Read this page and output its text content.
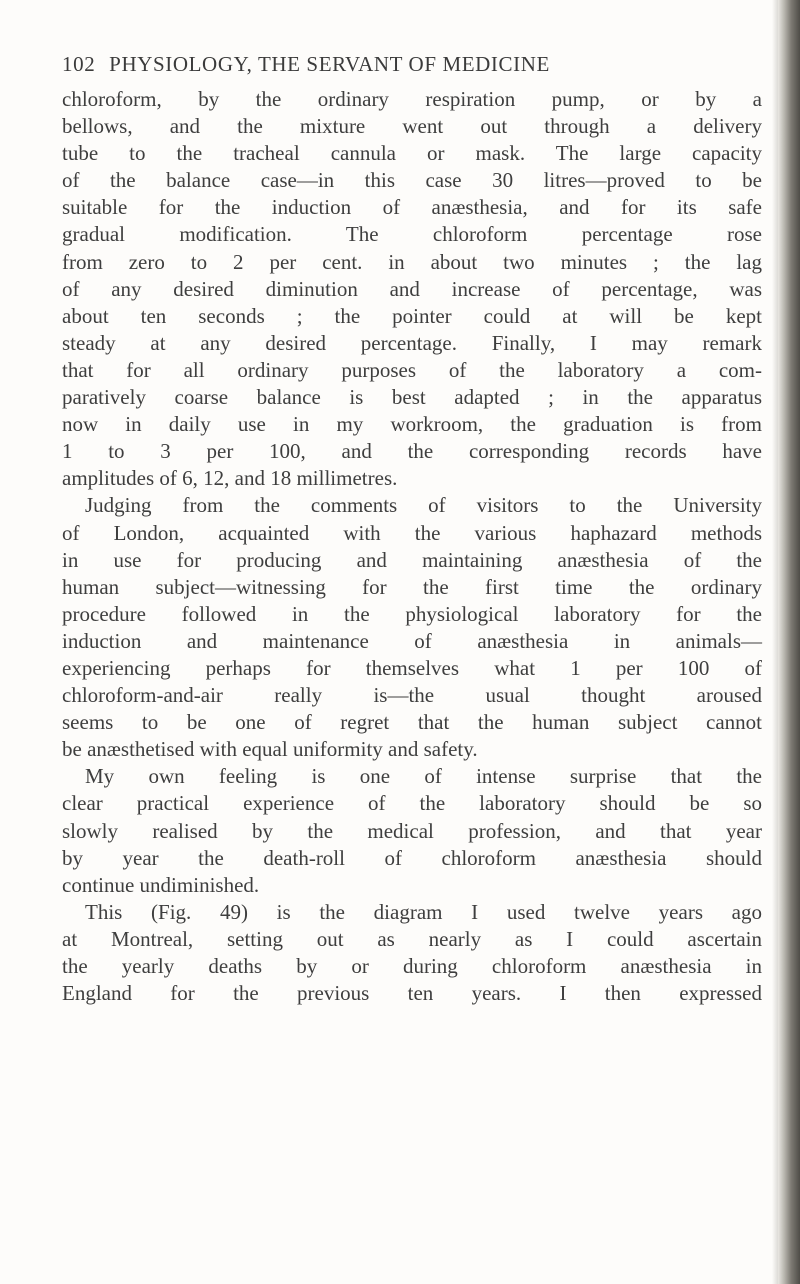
102 PHYSIOLOGY, THE SERVANT OF MEDICINE
chloroform, by the ordinary respiration pump, or by a
bellows, and the mixture went out through a delivery
tube to the tracheal cannula or mask. The large capacity
of the balance case—in this case 30 litres—proved to be
suitable for the induction of anæsthesia, and for its safe
gradual modification. The chloroform percentage rose
from zero to 2 per cent. in about two minutes ; the lag
of any desired diminution and increase of percentage, was
about ten seconds ; the pointer could at will be kept
steady at any desired percentage. Finally, I may remark
that for all ordinary purposes of the laboratory a com-
paratively coarse balance is best adapted ; in the apparatus
now in daily use in my workroom, the graduation is from
1 to 3 per 100, and the corresponding records have
amplitudes of 6, 12, and 18 millimetres.
Judging from the comments of visitors to the University
of London, acquainted with the various haphazard methods
in use for producing and maintaining anæsthesia of the
human subject—witnessing for the first time the ordinary
procedure followed in the physiological laboratory for the
induction and maintenance of anæsthesia in animals—
experiencing perhaps for themselves what 1 per 100 of
chloroform-and-air really is—the usual thought aroused
seems to be one of regret that the human subject cannot
be anæsthetised with equal uniformity and safety.
My own feeling is one of intense surprise that the
clear practical experience of the laboratory should be so
slowly realised by the medical profession, and that year
by year the death-roll of chloroform anæsthesia should
continue undiminished.
This (Fig. 49) is the diagram I used twelve years ago
at Montreal, setting out as nearly as I could ascertain
the yearly deaths by or during chloroform anæsthesia in
England for the previous ten years. I then expressed
